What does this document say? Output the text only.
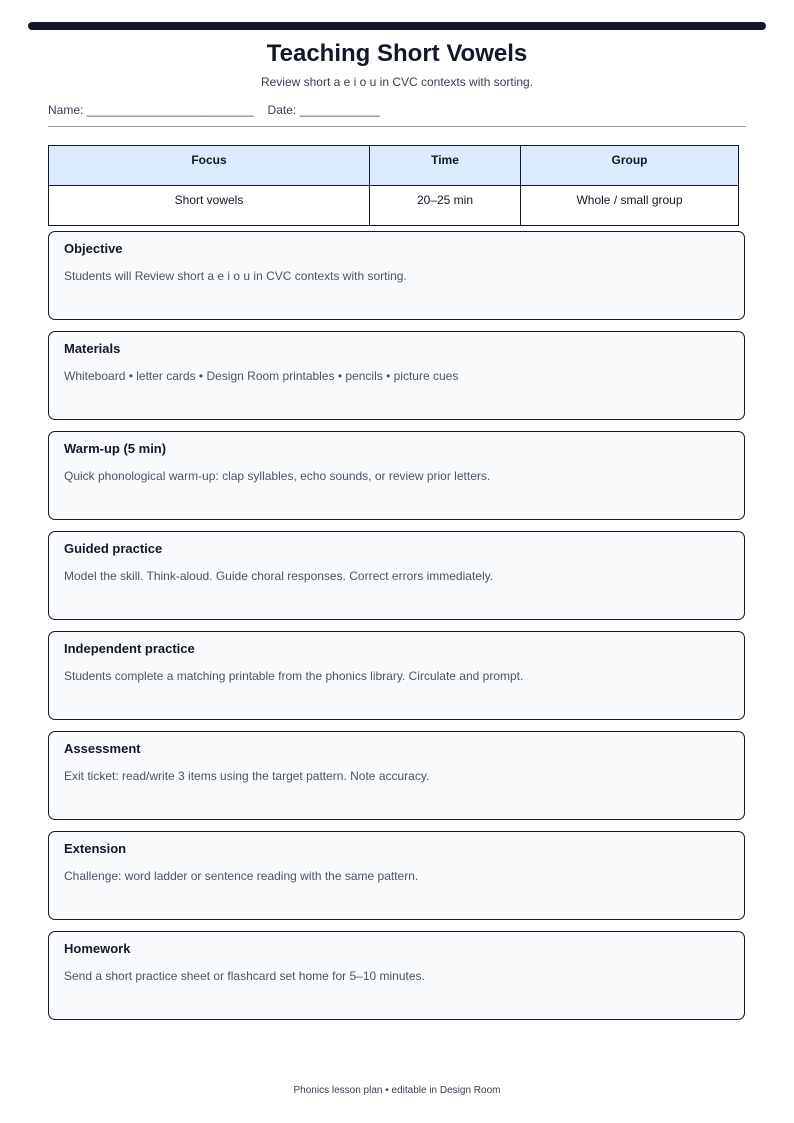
Teaching Short Vowels
Review short a e i o u in CVC contexts with sorting.
Name: _________________________ Date: ____________
Focus	Time	Group
Short vowels	20–25 min	Whole / small group
Objective
Students will Review short a e i o u in CVC contexts with sorting.
Materials
Whiteboard • letter cards • Design Room printables • pencils • picture cues
Warm-up (5 min)
Quick phonological warm-up: clap syllables, echo sounds, or review prior letters.
Guided practice
Model the skill. Think-aloud. Guide choral responses. Correct errors immediately.
Independent practice
Students complete a matching printable from the phonics library. Circulate and prompt.
Assessment
Exit ticket: read/write 3 items using the target pattern. Note accuracy.
Extension
Challenge: word ladder or sentence reading with the same pattern.
Homework
Send a short practice sheet or flashcard set home for 5–10 minutes.
Phonics lesson plan • editable in Design Room
